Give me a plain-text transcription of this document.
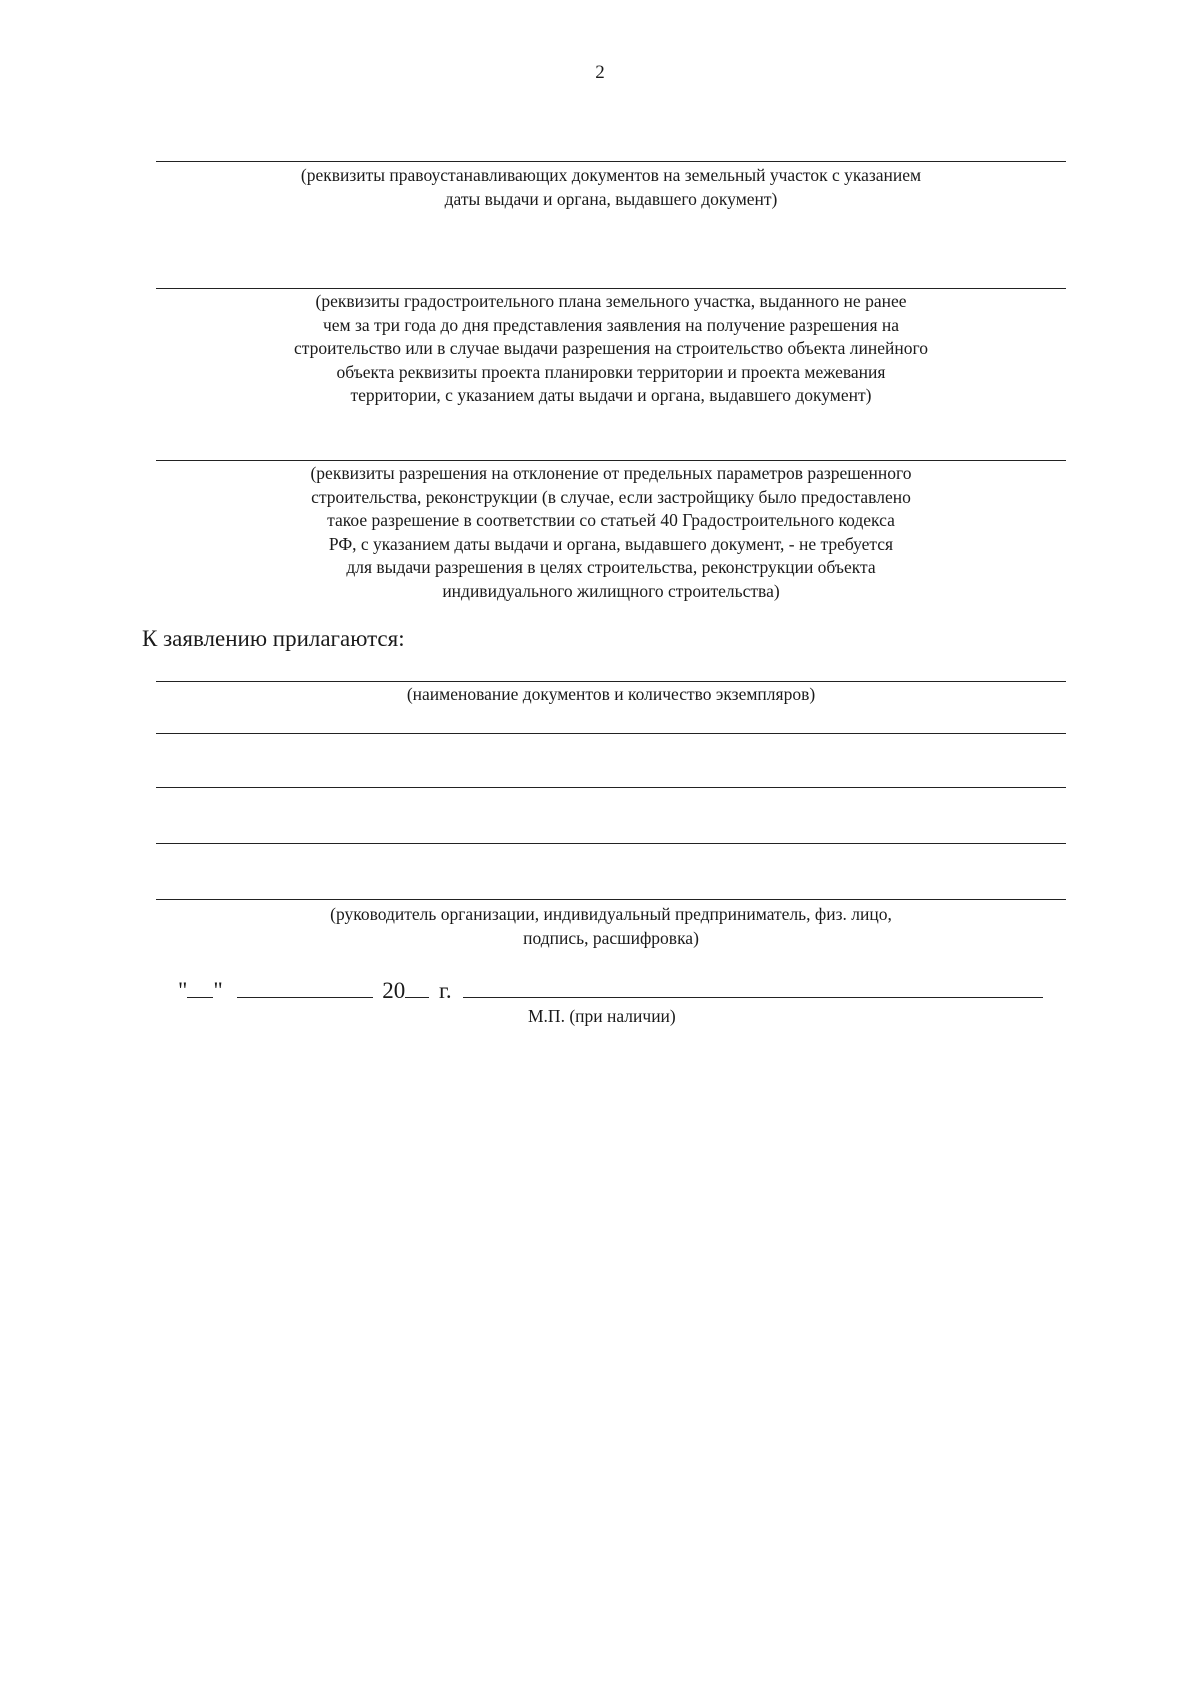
2
(реквизиты правоустанавливающих документов на земельный участок с указанием
даты выдачи и органа, выдавшего документ)
(реквизиты градостроительного плана земельного участка, выданного не ранее
чем за три года до дня представления заявления на получение разрешения на
строительство или в случае выдачи разрешения на строительство объекта линейного
объекта реквизиты проекта планировки территории и проекта межевания
территории, с указанием даты выдачи и органа, выдавшего документ)
(реквизиты разрешения на отклонение от предельных параметров разрешенного
строительства, реконструкции (в случае, если застройщику было предоставлено
такое разрешение в соответствии со статьей 40 Градостроительного кодекса
РФ, с указанием даты выдачи и органа, выдавшего документ, - не требуется
для выдачи разрешения в целях строительства, реконструкции объекта
индивидуального жилищного строительства)
К заявлению прилагаются:
(наименование документов и количество экземпляров)
(руководитель организации, индивидуальный предприниматель, физ. лицо,
подпись, расшифровка)
" "	20 г.
М.П. (при наличии)
